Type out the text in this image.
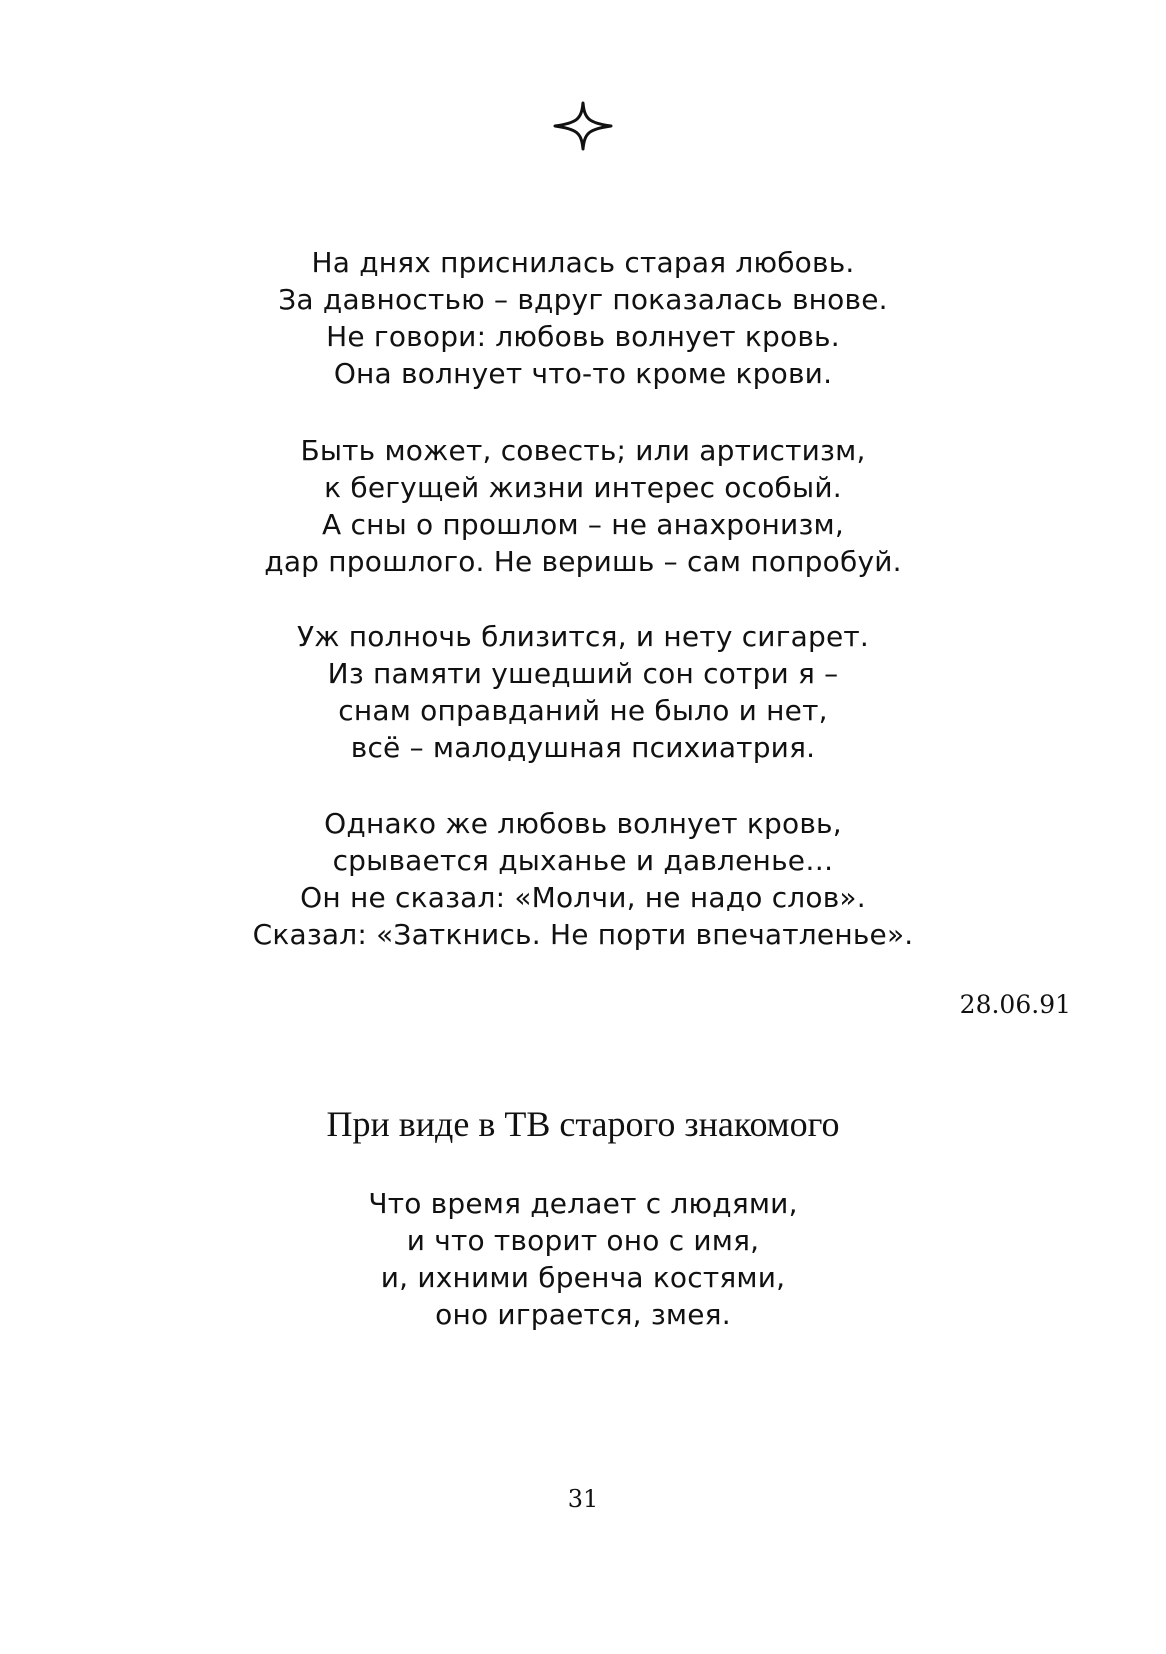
На днях приснилась старая любовь.
За давностью – вдруг показалась внове.
Не говори: любовь волнует кровь.
Она волнует что-то кроме крови.
Быть может, совесть; или артистизм,
к бегущей жизни интерес особый.
А сны о прошлом – не анахронизм,
дар прошлого. Не веришь – сам попробуй.
Уж полночь близится, и нету сигарет.
Из памяти ушедший сон сотри я –
снам оправданий не было и нет,
всё – малодушная психиатрия.
Однако же любовь волнует кровь,
срывается дыханье и давленье…
Он не сказал: «Молчи, не надо слов».
Сказал: «Заткнись. Не порти впечатленье».
28.06.91
При виде в ТВ старого знакомого
Что время делает с людями,
и что творит оно с имя,
и, ихними бренча костями,
оно играется, змея.
31
